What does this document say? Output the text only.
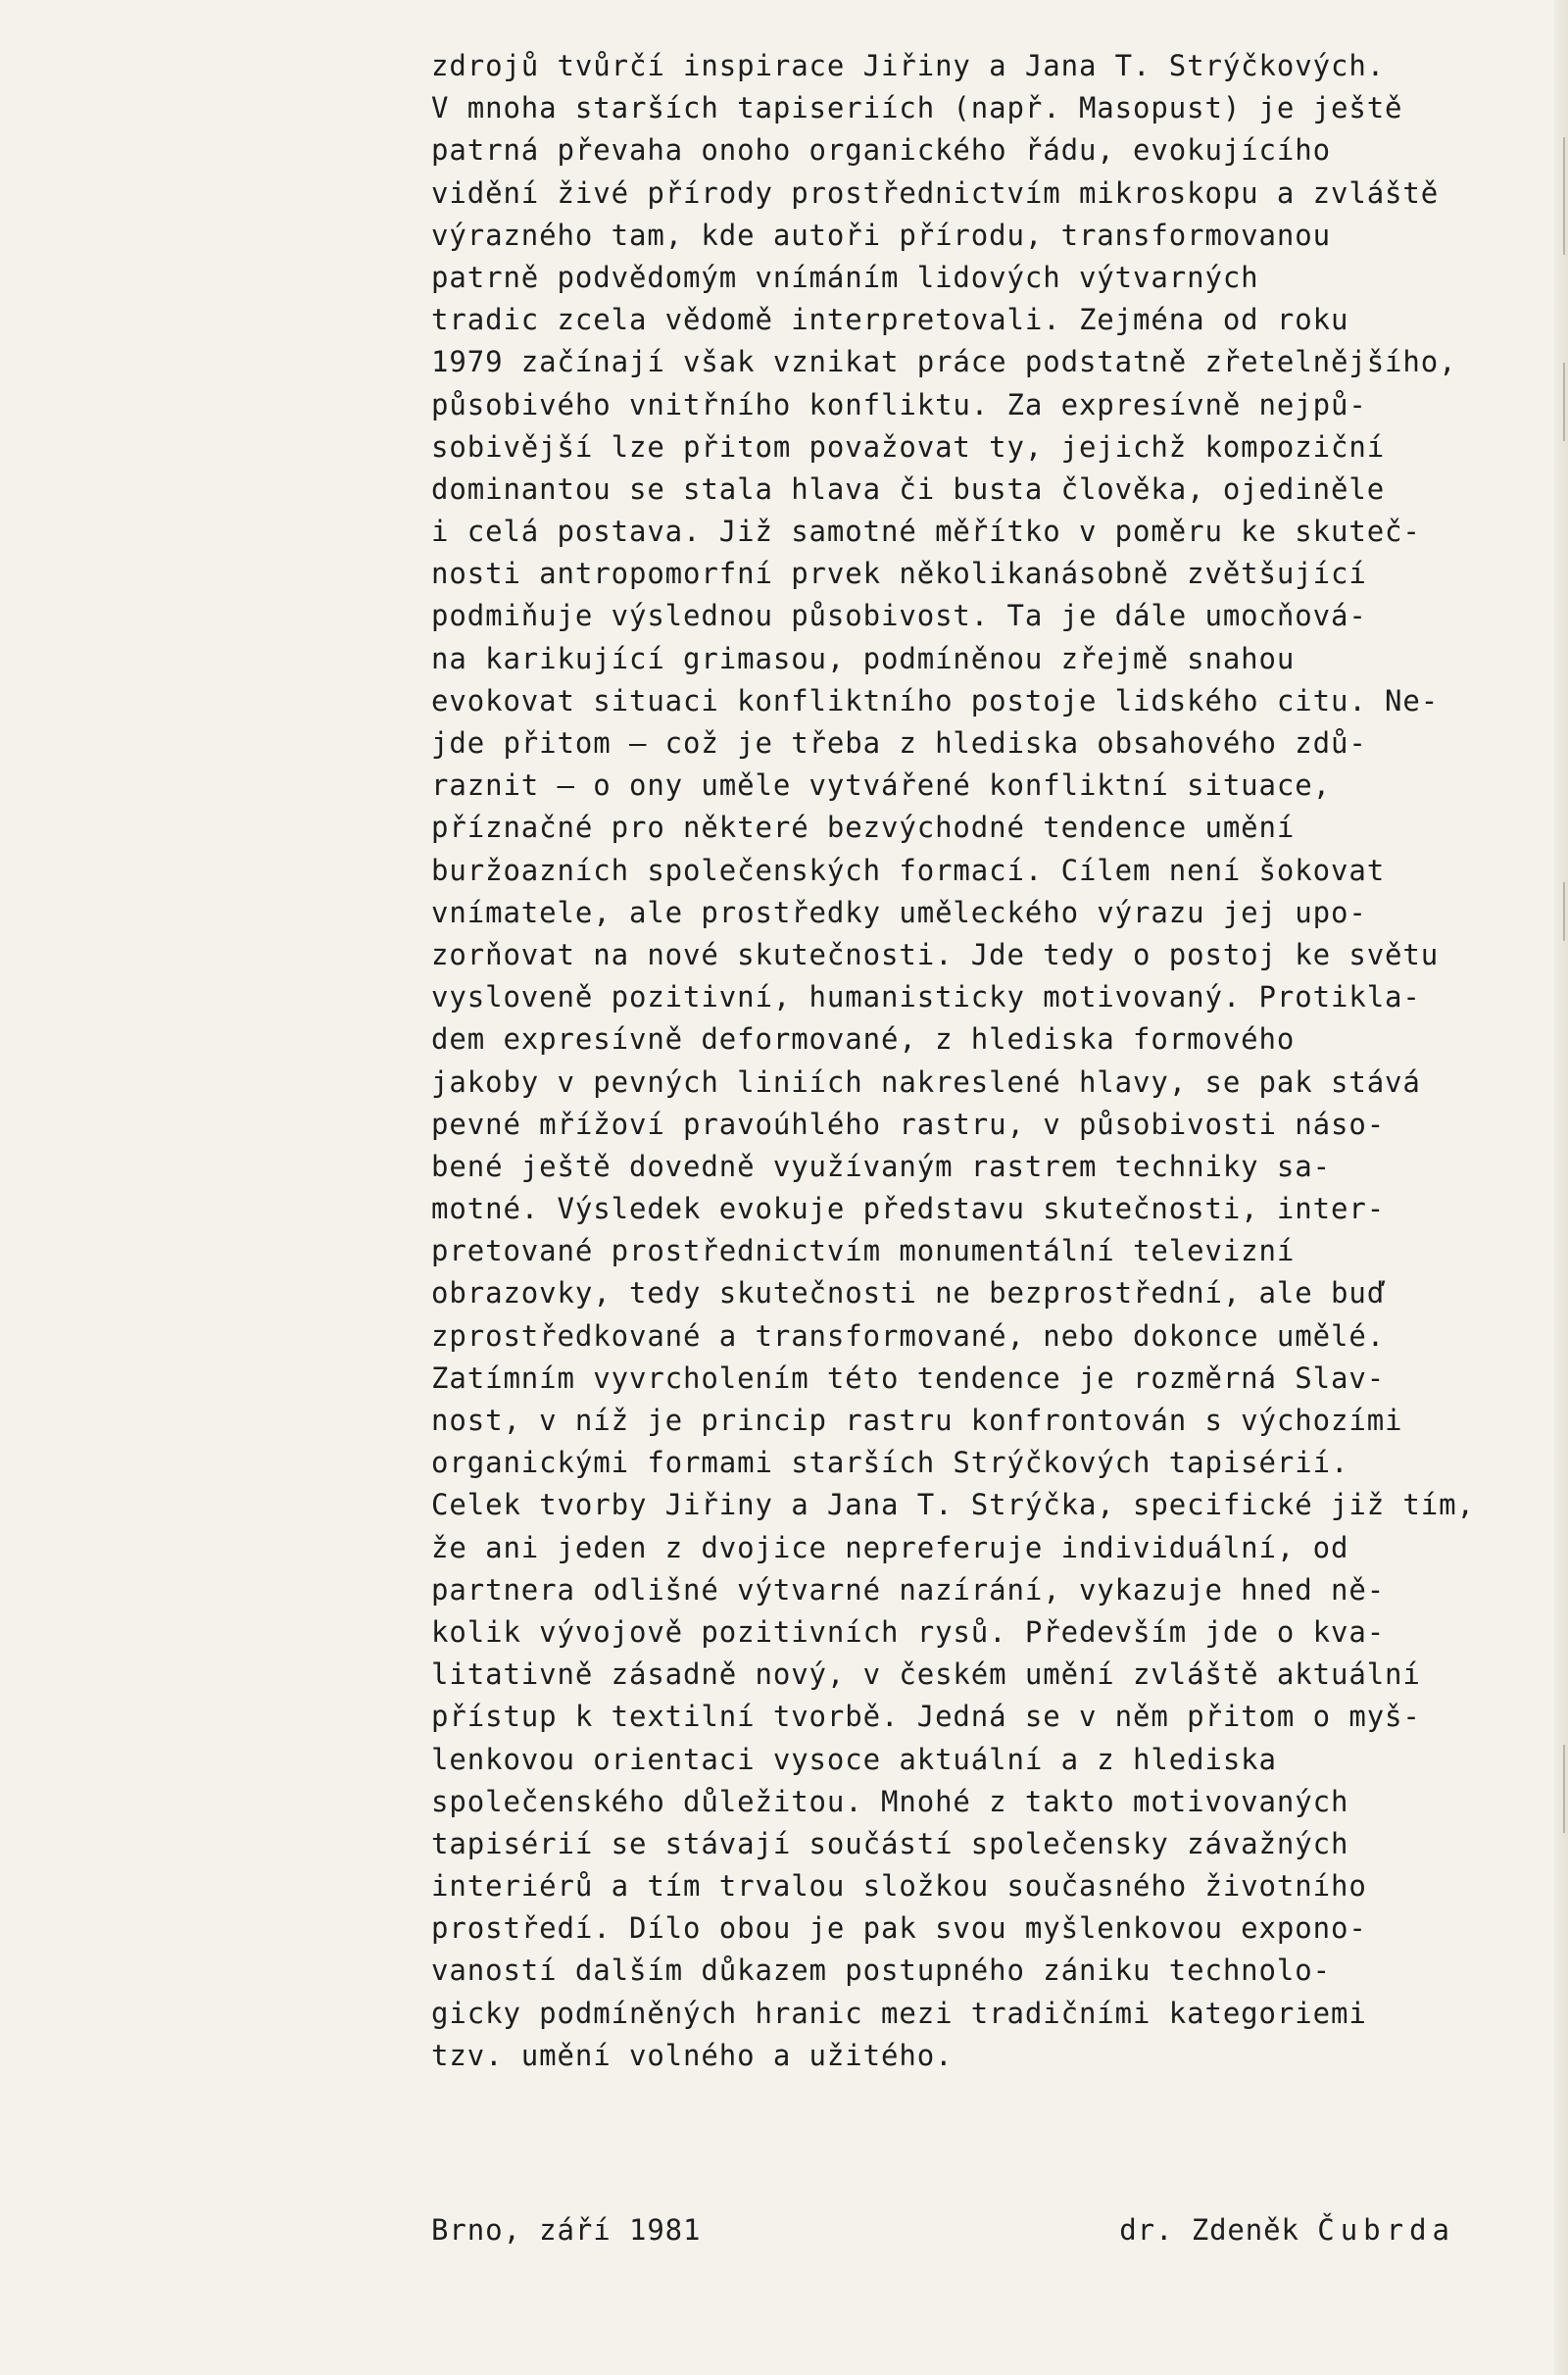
zdrojů tvůrčí inspirace Jiřiny a Jana T. Strýčkových.
V mnoha starších tapiseriích (např. Masopust) je ještě
patrná převaha onoho organického řádu, evokujícího
vidění živé přírody prostřednictvím mikroskopu a zvláště
výrazného tam, kde autoři přírodu, transformovanou
patrně podvědomým vnímáním lidových výtvarných
tradic zcela vědomě interpretovali. Zejména od roku
1979 začínají však vznikat práce podstatně zřetelnějšího,
působivého vnitřního konfliktu. Za expresívně nejpů-
sobivější lze přitom považovat ty, jejichž kompoziční
dominantou se stala hlava či busta člověka, ojediněle
i celá postava. Již samotné měřítko v poměru ke skuteč-
nosti antropomorfní prvek několikanásobně zvětšující
podmiňuje výslednou působivost. Ta je dále umocňová-
na karikující grimasou, podmíněnou zřejmě snahou
evokovat situaci konfliktního postoje lidského citu. Ne-
jde přitom — což je třeba z hlediska obsahového zdů-
raznit — o ony uměle vytvářené konfliktní situace,
příznačné pro některé bezvýchodné tendence umění
buržoazních společenských formací. Cílem není šokovat
vnímatele, ale prostředky uměleckého výrazu jej upo-
zorňovat na nové skutečnosti. Jde tedy o postoj ke světu
vysloveně pozitivní, humanisticky motivovaný. Protikla-
dem expresívně deformované, z hlediska formového
jakoby v pevných liniích nakreslené hlavy, se pak stává
pevné mřížoví pravoúhlého rastru, v působivosti náso-
bené ještě dovedně využívaným rastrem techniky sa-
motné. Výsledek evokuje představu skutečnosti, inter-
pretované prostřednictvím monumentální televizní
obrazovky, tedy skutečnosti ne bezprostřední, ale buď
zprostředkované a transformované, nebo dokonce umělé.
Zatímním vyvrcholením této tendence je rozměrná Slav-
nost, v níž je princip rastru konfrontován s výchozími
organickými formami starších Strýčkových tapisérií.
Celek tvorby Jiřiny a Jana T. Strýčka, specifické již tím,
že ani jeden z dvojice nepreferuje individuální, od
partnera odlišné výtvarné nazírání, vykazuje hned ně-
kolik vývojově pozitivních rysů. Především jde o kva-
litativně zásadně nový, v českém umění zvláště aktuální
přístup k textilní tvorbě. Jedná se v něm přitom o myš-
lenkovou orientaci vysoce aktuální a z hlediska
společenského důležitou. Mnohé z takto motivovaných
tapisérií se stávají součástí společensky závažných
interiérů a tím trvalou složkou současného životního
prostředí. Dílo obou je pak svou myšlenkovou expono-
vaností dalším důkazem postupného zániku technolo-
gicky podmíněných hranic mezi tradičními kategoriemi
tzv. umění volného a užitého.
Brno, září 1981	dr. Zdeněk Čubrda
